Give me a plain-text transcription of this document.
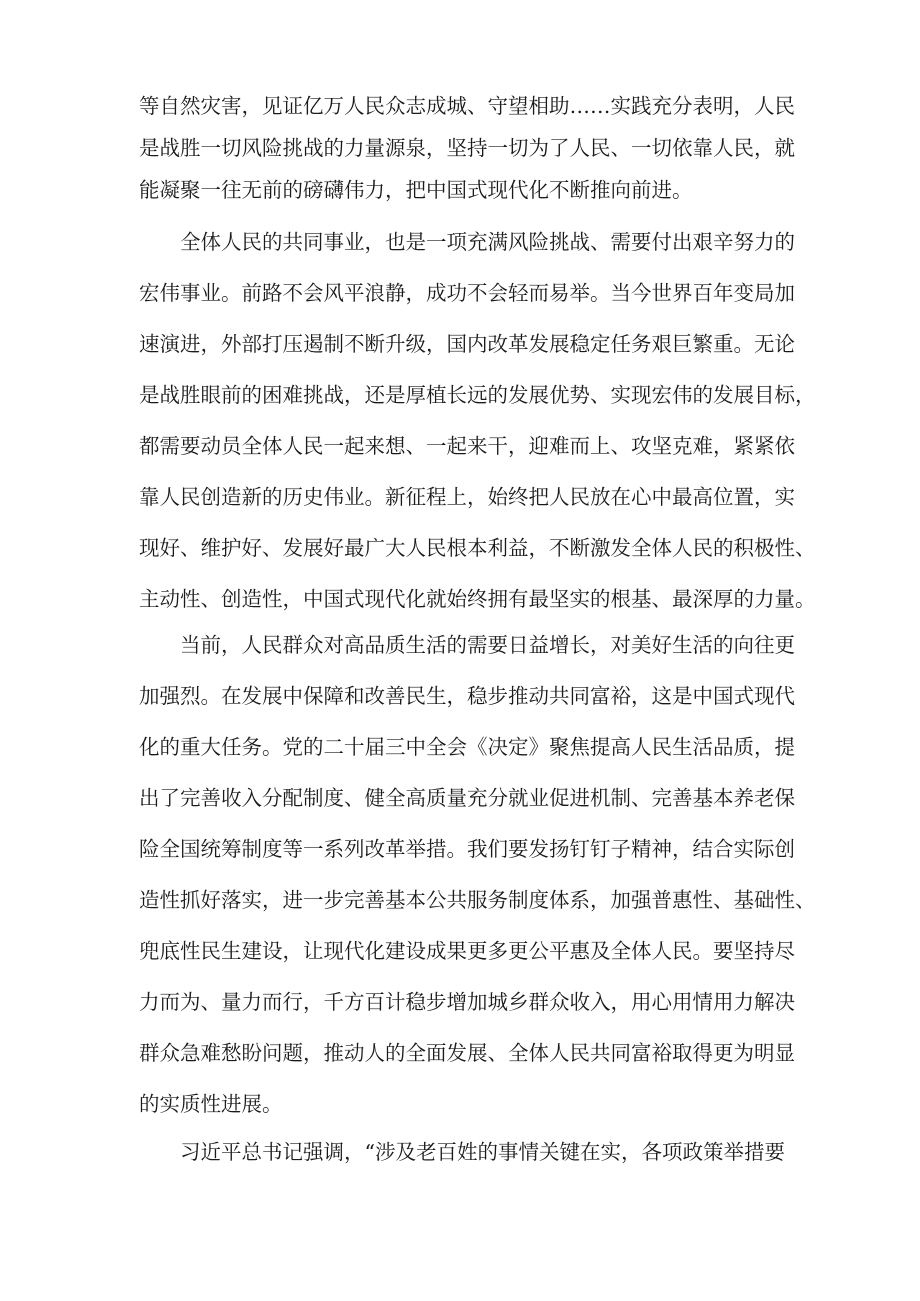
等自然灾害，见证亿万人民众志成城、守望相助……实践充分表明，人民
是战胜一切风险挑战的力量源泉，坚持一切为了人民、一切依靠人民，就
能凝聚一往无前的磅礴伟力，把中国式现代化不断推向前进。
全体人民的共同事业，也是一项充满风险挑战、需要付出艰辛努力的
宏伟事业。前路不会风平浪静，成功不会轻而易举。当今世界百年变局加
速演进，外部打压遏制不断升级，国内改革发展稳定任务艰巨繁重。无论
是战胜眼前的困难挑战，还是厚植长远的发展优势、实现宏伟的发展目标，
都需要动员全体人民一起来想、一起来干，迎难而上、攻坚克难，紧紧依
靠人民创造新的历史伟业。新征程上，始终把人民放在心中最高位置，实
现好、维护好、发展好最广大人民根本利益，不断激发全体人民的积极性、
主动性、创造性，中国式现代化就始终拥有最坚实的根基、最深厚的力量。
当前，人民群众对高品质生活的需要日益增长，对美好生活的向往更
加强烈。在发展中保障和改善民生，稳步推动共同富裕，这是中国式现代
化的重大任务。党的二十届三中全会《决定》聚焦提高人民生活品质，提
出了完善收入分配制度、健全高质量充分就业促进机制、完善基本养老保
险全国统筹制度等一系列改革举措。我们要发扬钉钉子精神，结合实际创
造性抓好落实，进一步完善基本公共服务制度体系，加强普惠性、基础性、
兜底性民生建设，让现代化建设成果更多更公平惠及全体人民。要坚持尽
力而为、量力而行，千方百计稳步增加城乡群众收入，用心用情用力解决
群众急难愁盼问题，推动人的全面发展、全体人民共同富裕取得更为明显
的实质性进展。
习近平总书记强调，“涉及老百姓的事情关键在实，各项政策举措要
